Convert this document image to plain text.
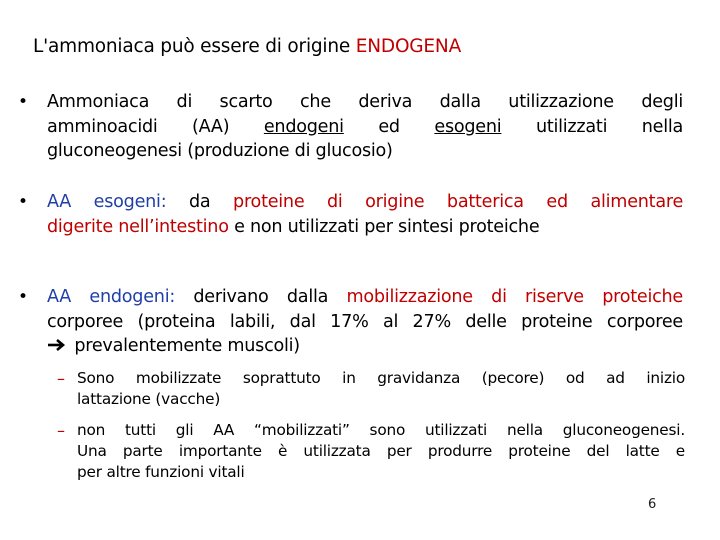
L'ammoniaca può essere di origine ENDOGENA
• Ammoniaca di scarto che deriva dalla utilizzazione degli
amminoacidi (AA) endogeni ed esogeni utilizzati nella
gluconeogenesi (produzione di glucosio)
• AA esogeni: da proteine di origine batterica ed alimentare
digerite nell’intestino e non utilizzati per sintesi proteiche
• AA endogeni: derivano dalla mobilizzazione di riserve proteiche
corporee (proteina labili, dal 17% al 27% delle proteine corporee
prevalentemente muscoli)
– Sono mobilizzate soprattuto in gravidanza (pecore) od ad inizio
lattazione (vacche)
– non tutti gli AA “mobilizzati” sono utilizzati nella gluconeogenesi.
Una parte importante è utilizzata per produrre proteine del latte e
per altre funzioni vitali
6
